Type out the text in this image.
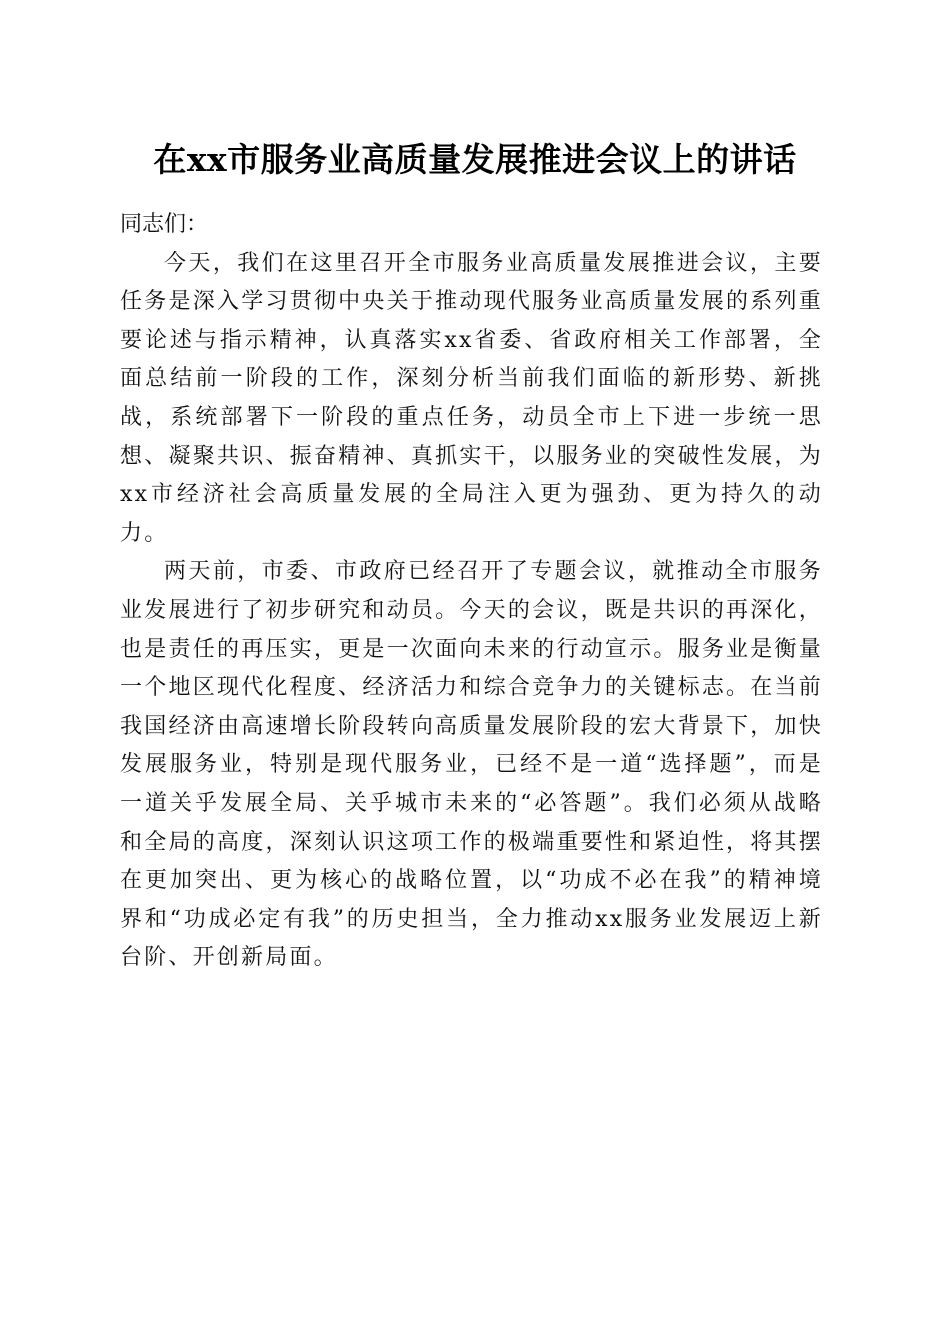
在xx市服务业高质量发展推进会议上的讲话

同志们：

今天，我们在这里召开全市服务业高质量发展推进会议，主要任务是深入学习贯彻中央关于推动现代服务业高质量发展的系列重要论述与指示精神，认真落实xx省委、省政府相关工作部署，全面总结前一阶段的工作，深刻分析当前我们面临的新形势、新挑战，系统部署下一阶段的重点任务，动员全市上下进一步统一思想、凝聚共识、振奋精神、真抓实干，以服务业的突破性发展，为xx市经济社会高质量发展的全局注入更为强劲、更为持久的动力。

两天前，市委、市政府已经召开了专题会议，就推动全市服务业发展进行了初步研究和动员。今天的会议，既是共识的再深化，也是责任的再压实，更是一次面向未来的行动宣示。服务业是衡量一个地区现代化程度、经济活力和综合竞争力的关键标志。在当前我国经济由高速增长阶段转向高质量发展阶段的宏大背景下，加快发展服务业，特别是现代服务业，已经不是一道“选择题”，而是一道关乎发展全局、关乎城市未来的“必答题”。我们必须从战略和全局的高度，深刻认识这项工作的极端重要性和紧迫性，将其摆在更加突出、更为核心的战略位置，以“功成不必在我”的精神境界和“功成必定有我”的历史担当，全力推动xx服务业发展迈上新台阶、开创新局面。
